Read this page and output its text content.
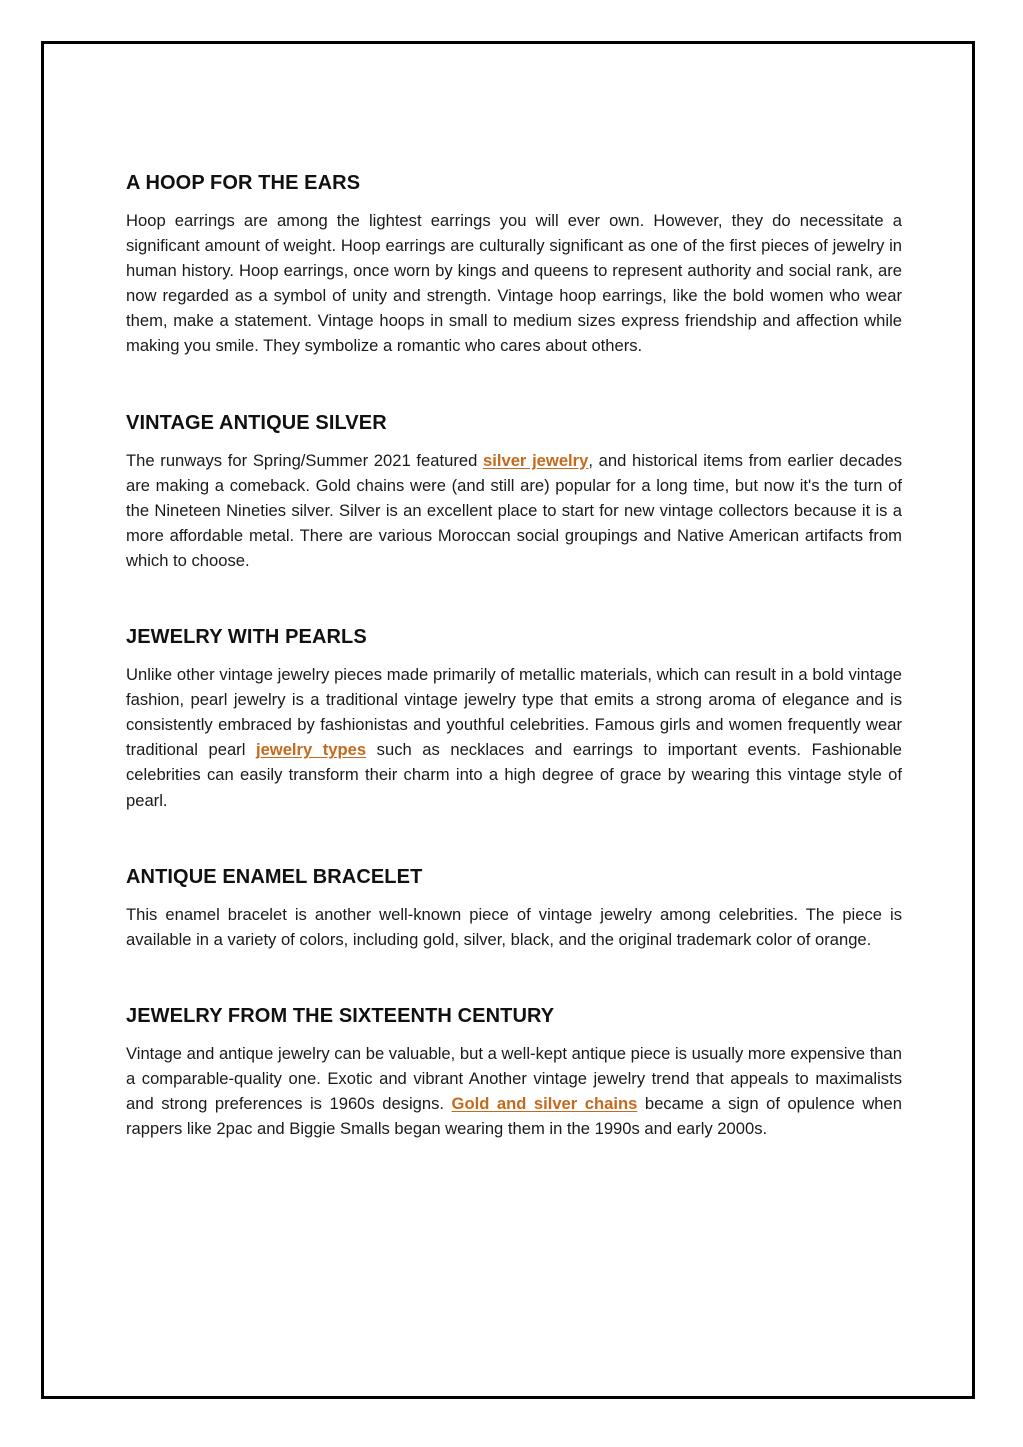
A HOOP FOR THE EARS

Hoop earrings are among the lightest earrings you will ever own. However, they do necessitate a significant amount of weight. Hoop earrings are culturally significant as one of the first pieces of jewelry in human history. Hoop earrings, once worn by kings and queens to represent authority and social rank, are now regarded as a symbol of unity and strength. Vintage hoop earrings, like the bold women who wear them, make a statement. Vintage hoops in small to medium sizes express friendship and affection while making you smile. They symbolize a romantic who cares about others.

VINTAGE ANTIQUE SILVER

The runways for Spring/Summer 2021 featured silver jewelry, and historical items from earlier decades are making a comeback. Gold chains were (and still are) popular for a long time, but now it's the turn of the Nineteen Nineties silver. Silver is an excellent place to start for new vintage collectors because it is a more affordable metal. There are various Moroccan social groupings and Native American artifacts from which to choose.

JEWELRY WITH PEARLS

Unlike other vintage jewelry pieces made primarily of metallic materials, which can result in a bold vintage fashion, pearl jewelry is a traditional vintage jewelry type that emits a strong aroma of elegance and is consistently embraced by fashionistas and youthful celebrities. Famous girls and women frequently wear traditional pearl jewelry types such as necklaces and earrings to important events. Fashionable celebrities can easily transform their charm into a high degree of grace by wearing this vintage style of pearl.

ANTIQUE ENAMEL BRACELET

This enamel bracelet is another well-known piece of vintage jewelry among celebrities. The piece is available in a variety of colors, including gold, silver, black, and the original trademark color of orange.

JEWELRY FROM THE SIXTEENTH CENTURY

Vintage and antique jewelry can be valuable, but a well-kept antique piece is usually more expensive than a comparable-quality one. Exotic and vibrant Another vintage jewelry trend that appeals to maximalists and strong preferences is 1960s designs. Gold and silver chains became a sign of opulence when rappers like 2pac and Biggie Smalls began wearing them in the 1990s and early 2000s.
